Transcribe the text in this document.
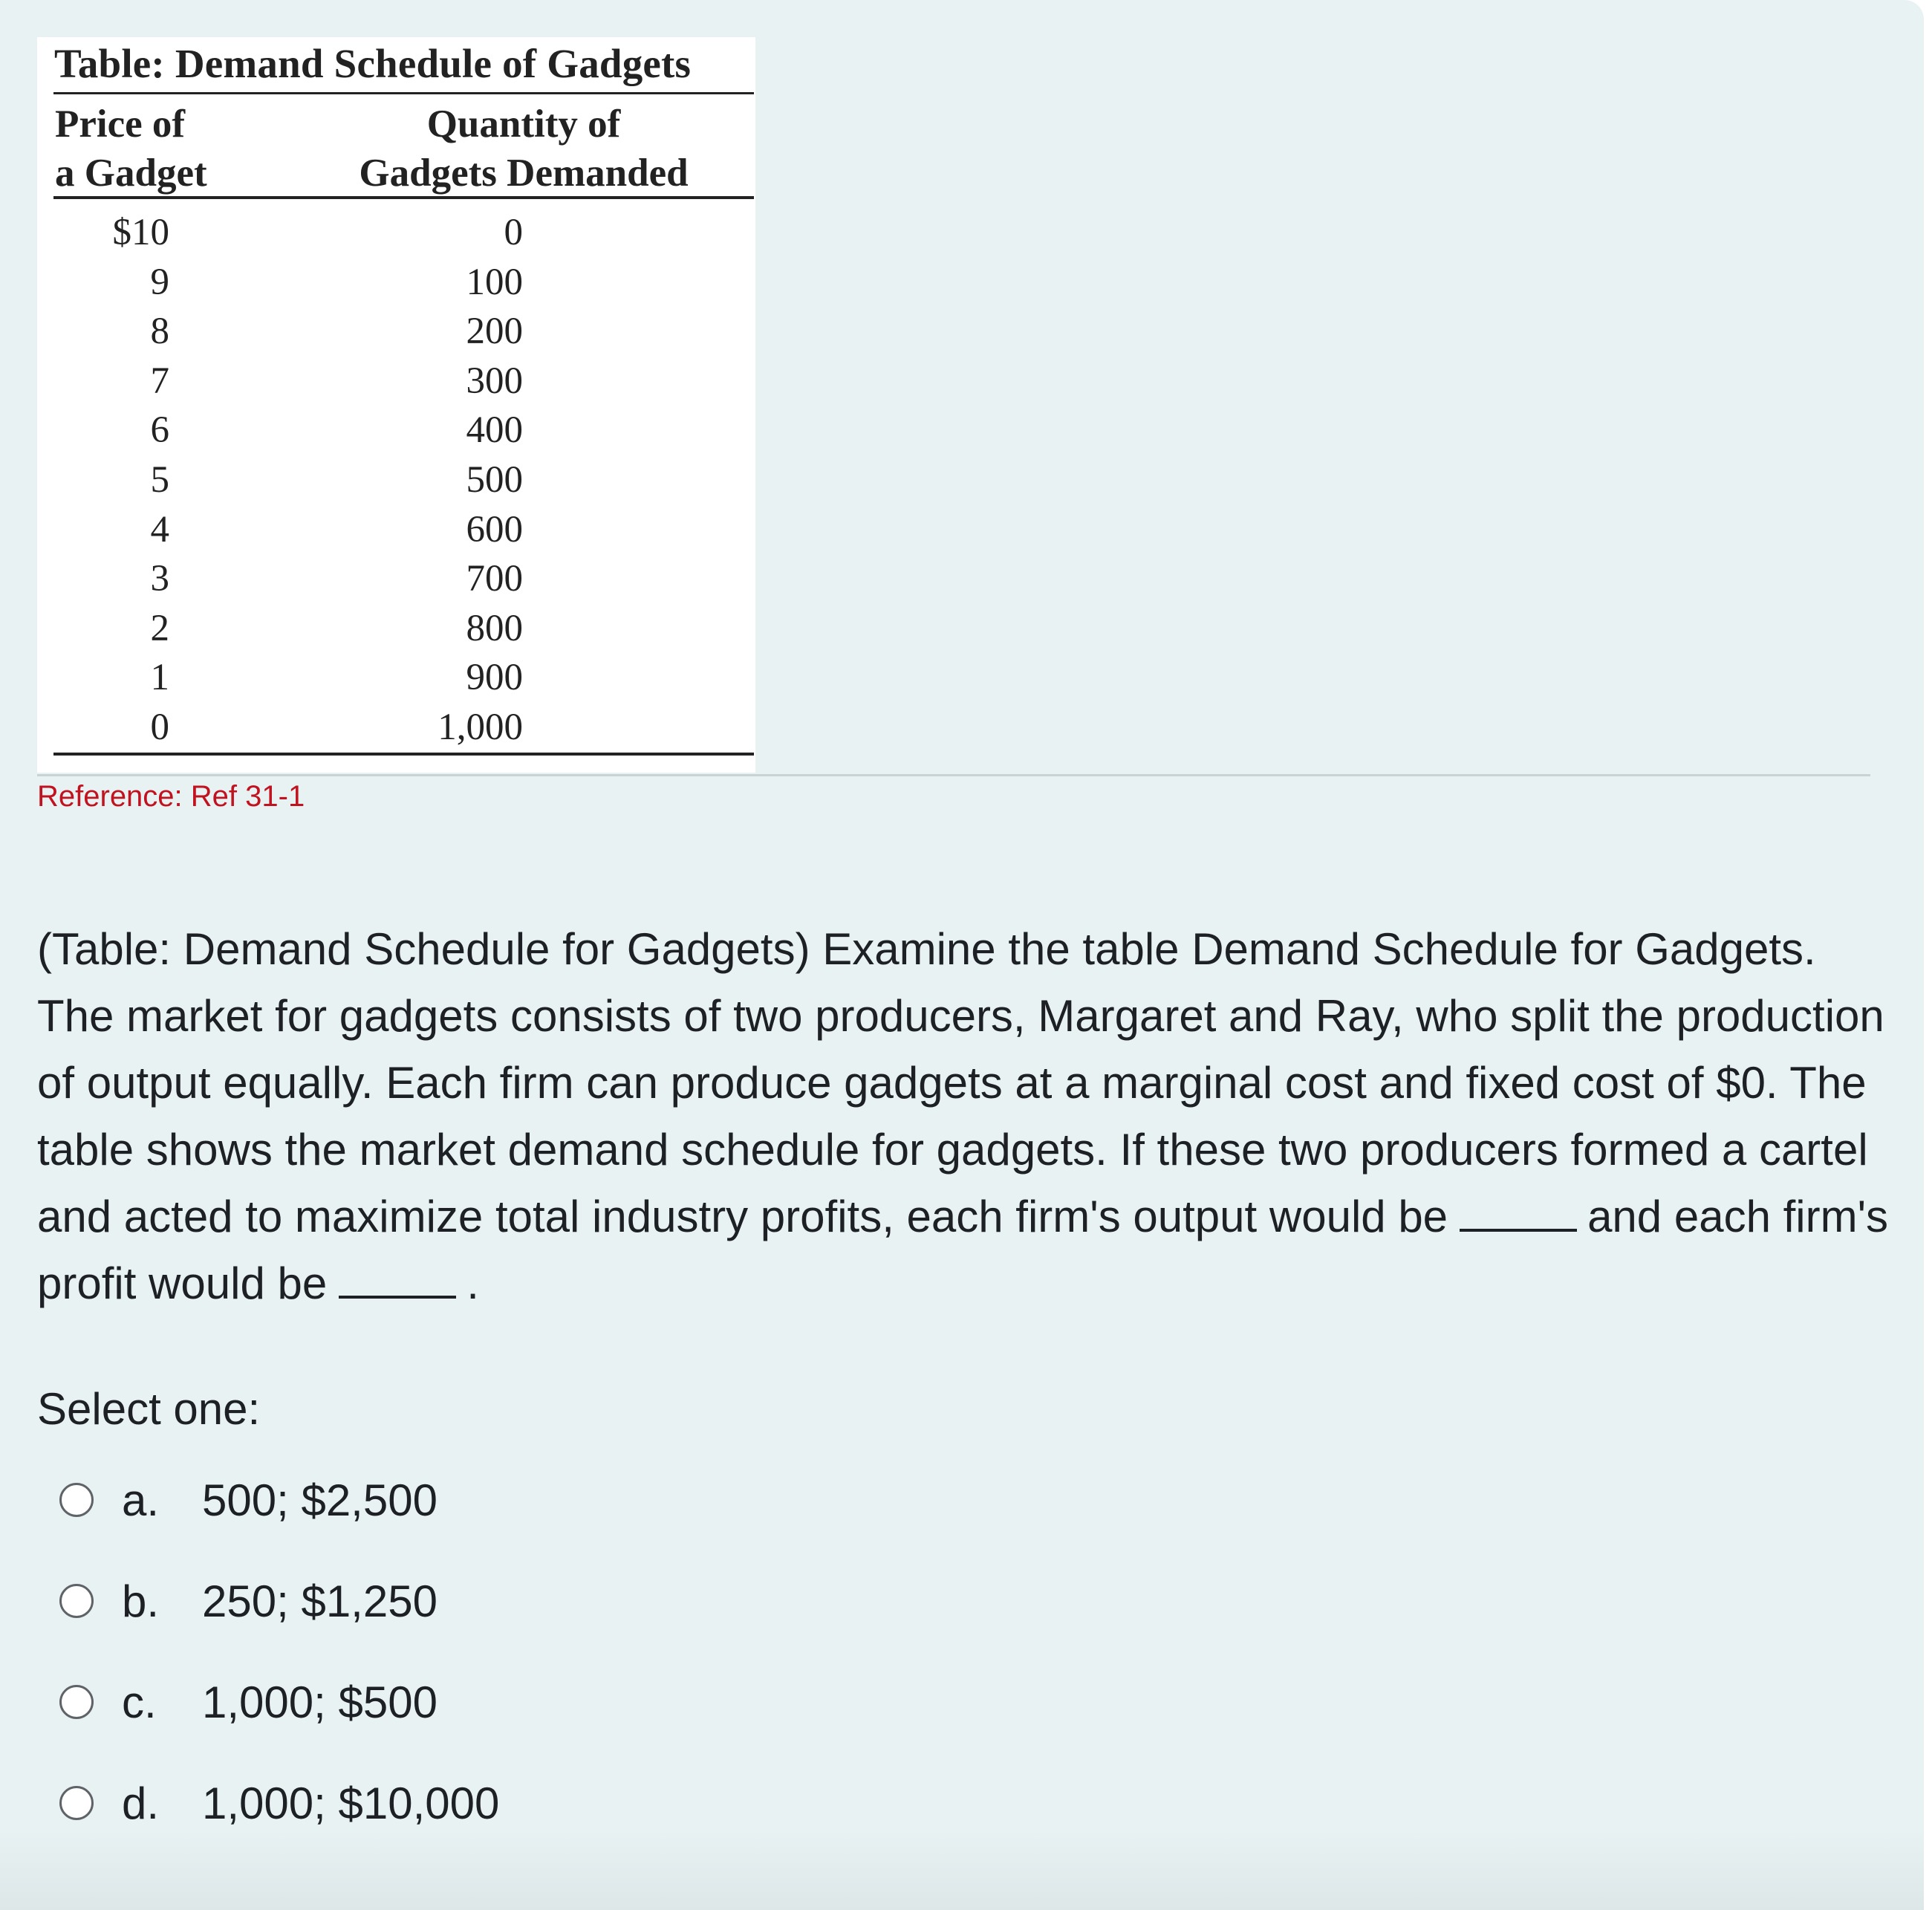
Table: Demand Schedule of Gadgets
Price of
a Gadget
Quantity of
Gadgets Demanded
$10	0
9	100
8	200
7	300
6	400
5	500
4	600
3	700
2	800
1	900
0	1,000
Reference: Ref 31-1
(Table: Demand Schedule for Gadgets) Examine the table Demand Schedule for Gadgets. The market for gadgets consists of two producers, Margaret and Ray, who split the production of output equally. Each firm can produce gadgets at a marginal cost and fixed cost of $0. The table shows the market demand schedule for gadgets. If these two producers formed a cartel and acted to maximize total industry profits, each firm's output would be	and each firm's profit would be	.
Select one:
a. 500; $2,500
b. 250; $1,250
c.	1,000; $500
d. 1,000; $10,000
